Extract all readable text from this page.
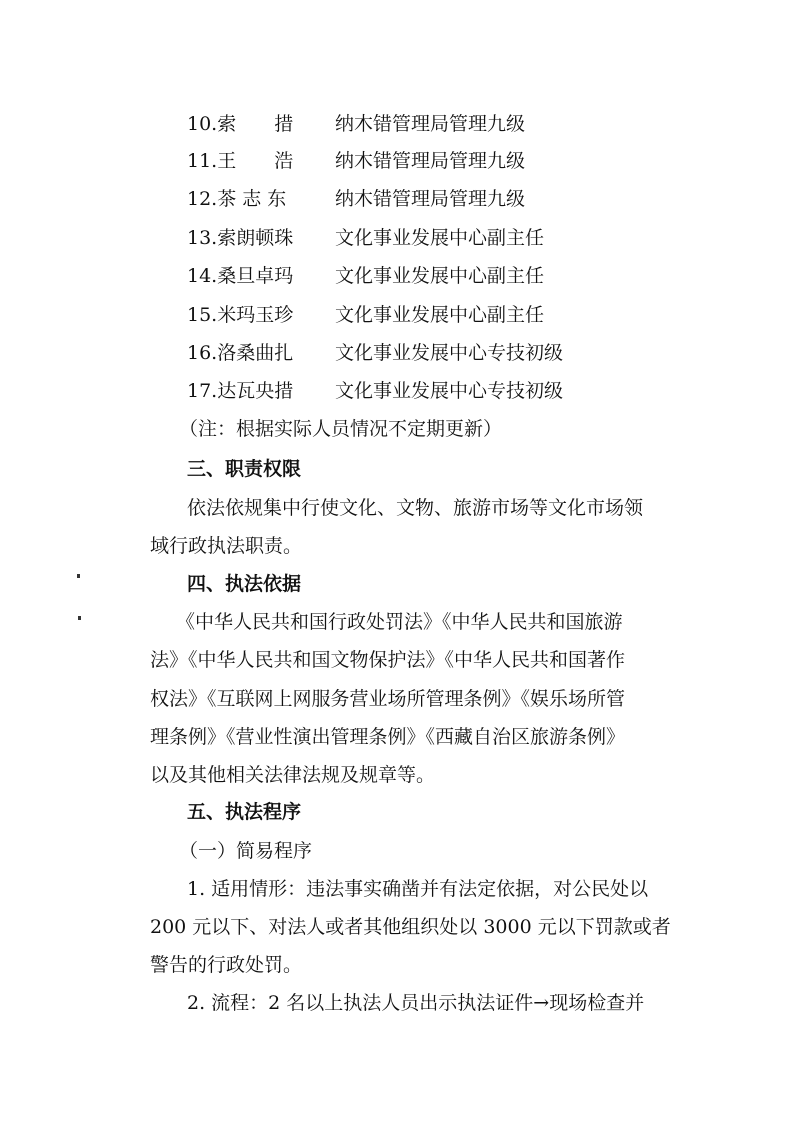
10.索　　措 纳木错管理局管理九级
11.王　　浩 纳木错管理局管理九级
12.茶 志 东	纳木错管理局管理九级
13.索朗顿珠 文化事业发展中心副主任
14.桑旦卓玛 文化事业发展中心副主任
15.米玛玉珍 文化事业发展中心副主任
16.洛桑曲扎 文化事业发展中心专技初级
17.达瓦央措 文化事业发展中心专技初级
（注：根据实际人员情况不定期更新）
三、职责权限
依法依规集中行使文化、文物、旅游市场等文化市场领
域行政执法职责。
四、执法依据
《中华人民共和国行政处罚法》《中华人民共和国旅游
法》《中华人民共和国文物保护法》《中华人民共和国著作
权法》《互联网上网服务营业场所管理条例》《娱乐场所管
理条例》《营业性演出管理条例》《西藏自治区旅游条例》
以及其他相关法律法规及规章等。
五、执法程序
（一）简易程序
1. 适用情形：违法事实确凿并有法定依据，对公民处以
200 元以下、对法人或者其他组织处以 3000 元以下罚款或者
警告的行政处罚。
2. 流程：2 名以上执法人员出示执法证件→现场检查并
